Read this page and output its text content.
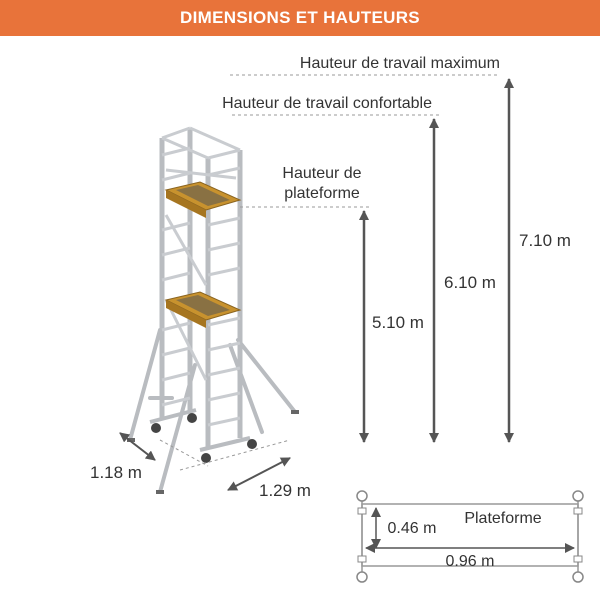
DIMENSIONS ET HAUTEURS
Hauteur de travail maximum
Hauteur de travail confortable
Hauteur de
plateforme
5.10 m
6.10 m
7.10 m
1.18 m
1.29 m
0.46 m
Plateforme
0.96 m
